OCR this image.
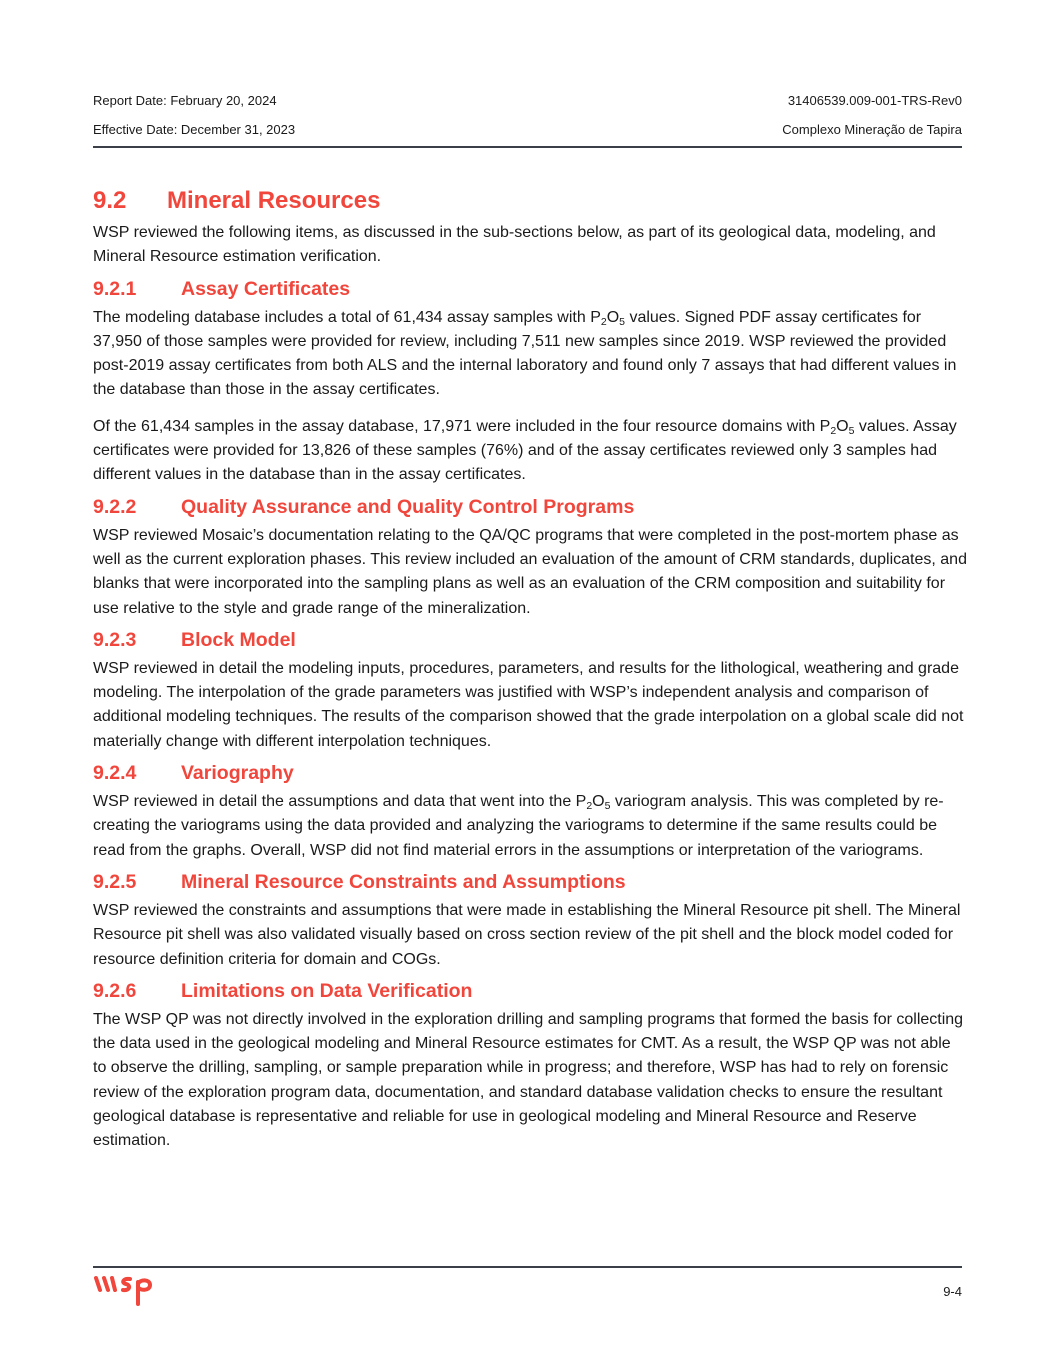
Report Date: February 20, 2024	31406539.009-001-TRS-Rev0
Effective Date: December 31, 2023	Complexo Mineração de Tapira
9.2	Mineral Resources

WSP reviewed the following items, as discussed in the sub-sections below, as part of its geological data, modeling, and Mineral Resource estimation verification.

9.2.1	Assay Certificates

The modeling database includes a total of 61,434 assay samples with P2O5 values. Signed PDF assay certificates for 37,950 of those samples were provided for review, including 7,511 new samples since 2019. WSP reviewed the provided post-2019 assay certificates from both ALS and the internal laboratory and found only 7 assays that had different values in the database than those in the assay certificates.

Of the 61,434 samples in the assay database, 17,971 were included in the four resource domains with P2O5 values. Assay certificates were provided for 13,826 of these samples (76%) and of the assay certificates reviewed only 3 samples had different values in the database than in the assay certificates.

9.2.2	Quality Assurance and Quality Control Programs

WSP reviewed Mosaic’s documentation relating to the QA/QC programs that were completed in the post-mortem phase as well as the current exploration phases. This review included an evaluation of the amount of CRM standards, duplicates, and blanks that were incorporated into the sampling plans as well as an evaluation of the CRM composition and suitability for use relative to the style and grade range of the mineralization.

9.2.3	Block Model

WSP reviewed in detail the modeling inputs, procedures, parameters, and results for the lithological, weathering and grade modeling. The interpolation of the grade parameters was justified with WSP’s independent analysis and comparison of additional modeling techniques. The results of the comparison showed that the grade interpolation on a global scale did not materially change with different interpolation techniques.

9.2.4	Variography

WSP reviewed in detail the assumptions and data that went into the P2O5 variogram analysis. This was completed by re-creating the variograms using the data provided and analyzing the variograms to determine if the same results could be read from the graphs. Overall, WSP did not find material errors in the assumptions or interpretation of the variograms.

9.2.5	Mineral Resource Constraints and Assumptions

WSP reviewed the constraints and assumptions that were made in establishing the Mineral Resource pit shell. The Mineral Resource pit shell was also validated visually based on cross section review of the pit shell and the block model coded for resource definition criteria for domain and COGs.

9.2.6	Limitations on Data Verification

The WSP QP was not directly involved in the exploration drilling and sampling programs that formed the basis for collecting the data used in the geological modeling and Mineral Resource estimates for CMT. As a result, the WSP QP was not able to observe the drilling, sampling, or sample preparation while in progress; and therefore, WSP has had to rely on forensic review of the exploration program data, documentation, and standard database validation checks to ensure the resultant geological database is representative and reliable for use in geological modeling and Mineral Resource and Reserve estimation.

9-4
